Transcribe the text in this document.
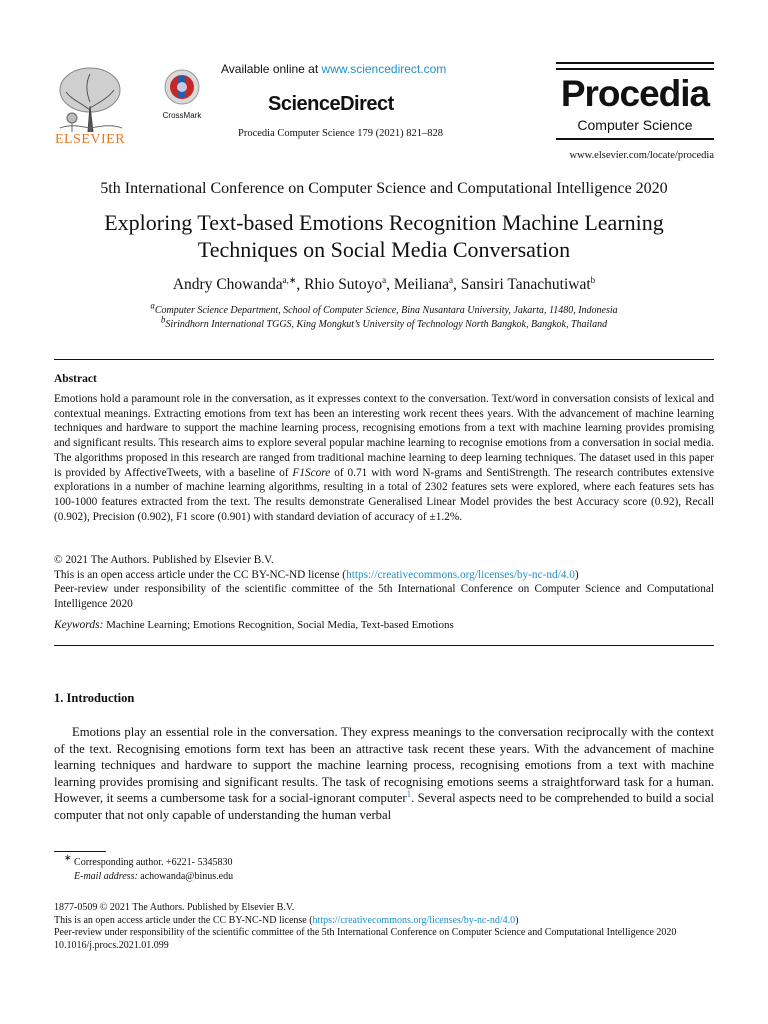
ELSEVIER
CrossMark
Available online at www.sciencedirect.com
ScienceDirect
Procedia Computer Science 179 (2021) 821–828
Procedia
Computer Science
www.elsevier.com/locate/procedia
5th International Conference on Computer Science and Computational Intelligence 2020
Exploring Text-based Emotions Recognition Machine Learning
Techniques on Social Media Conversation
Andry Chowanda$^{a,∗}$, Rhio Sutoyo$^a$, Meiliana$^a$, Sansiri Tanachutiwat$^b$
$^a$Computer Science Department, School of Computer Science, Bina Nusantara University, Jakarta, 11480, Indonesia
$^b$Sirindhorn International TGGS, King Mongkut’s University of Technology North Bangkok, Bangkok, Thailand
Abstract
Emotions hold a paramount role in the conversation, as it expresses context to the conversation. Text/word in conversation consists of lexical and contextual meanings. Extracting emotions from text has been an interesting work recent thees years. With the advancement of machine learning techniques and hardware to support the machine learning process, recognising emotions from a text with machine learning provides promising and significant results. This research aims to explore several popular machine learning to recognise emotions from a conversation in social media. The algorithms proposed in this research are ranged from traditional machine learning to deep learning techniques. The dataset used in this paper is provided by AffectiveTweets, with a baseline of F1Score of 0.71 with word N-grams and SentiStrength. The research contributes extensive explorations in a number of machine learning algorithms, resulting in a total of 2302 features sets were explored, where each features sets has 100-1000 features extracted from the text. The results demonstrate Generalised Linear Model provides the best Accuracy score (0.92), Recall (0.902), Precision (0.902), F1 score (0.901) with standard deviation of accuracy of ±1.2%.
© 2021 The Authors. Published by Elsevier B.V.
This is an open access article under the CC BY-NC-ND license (https://creativecommons.org/licenses/by-nc-nd/4.0)
Peer-review under responsibility of the scientific committee of the 5th International Conference on Computer Science and Computational Intelligence 2020
Keywords: Machine Learning; Emotions Recognition, Social Media, Text-based Emotions
1. Introduction
Emotions play an essential role in the conversation. They express meanings to the conversation reciprocally with the context of the text. Recognising emotions form text has been an attractive task recent these years. With the advancement of machine learning techniques and hardware to support the machine learning process, recognising emotions from a text with machine learning provides promising and significant results. The task of recognising emotions seems a straightforward task for a human. However, it seems a cumbersome task for a social-ignorant computer$^1$. Several aspects need to be comprehended to build a social computer that not only capable of understanding the human verbal
∗ Corresponding author. +6221- 5345830
E-mail address: achowanda@binus.edu
1877-0509 © 2021 The Authors. Published by Elsevier B.V.
This is an open access article under the CC BY-NC-ND license (https://creativecommons.org/licenses/by-nc-nd/4.0)
Peer-review under responsibility of the scientific committee of the 5th International Conference on Computer Science and Computational Intelligence 2020
10.1016/j.procs.2021.01.099
